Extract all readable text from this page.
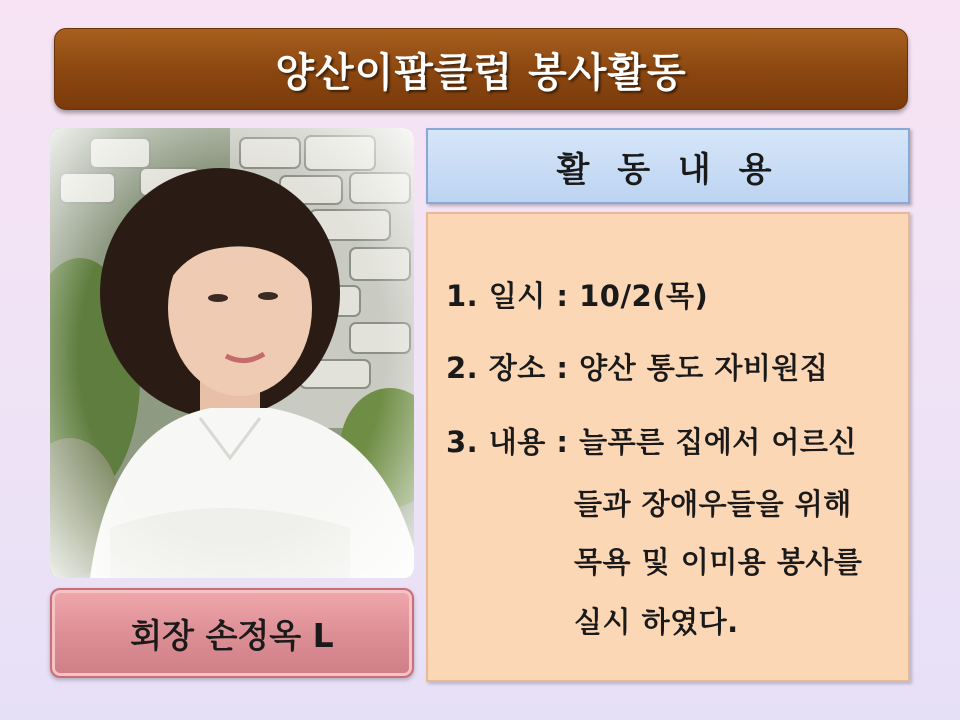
양산이팝클럽 봉사활동
회장 손정옥 L
활 동 내 용
1. 일시 : 10/2(목)
2. 장소 : 양산 통도 자비원집
3. 내용 : 늘푸른 집에서 어르신
들과 장애우들을 위해
목욕 및 이미용 봉사를
실시 하였다.
